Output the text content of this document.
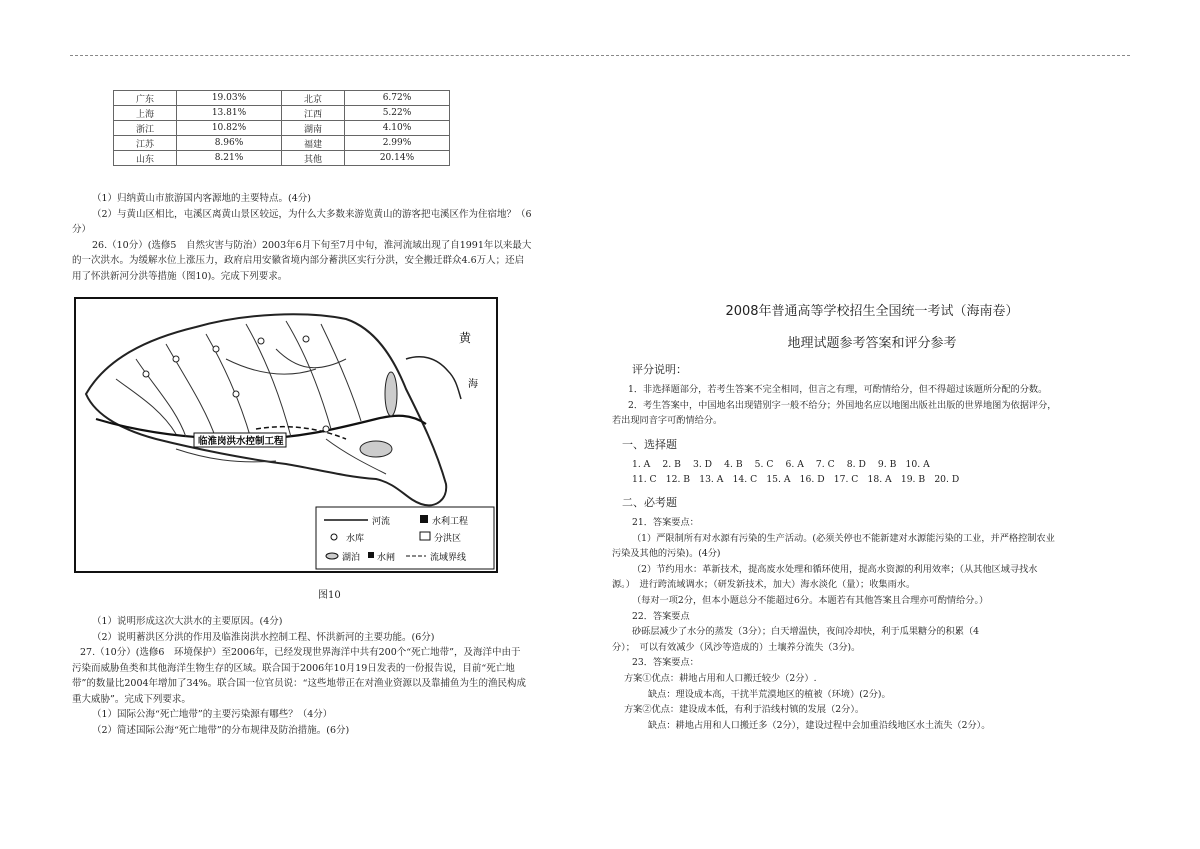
广东	19.03%	北京	6.72%
上海	13.81%	江西	5.22%
浙江	10.82%	湖南	4.10%
江苏	8.96%	福建	2.99%
山东	8.21%	其他	20.14%

（1）归纳黄山市旅游国内客源地的主要特点。(4分)

（2）与黄山区相比，屯溪区离黄山景区较远，为什么大多数来游览黄山的游客把屯溪区作为住宿地？（6

分）

26.（10分）(选修5　自然灾害与防治）2003年6月下旬至7月中旬，淮河流域出现了自1991年以来最大

的一次洪水。为缓解水位上涨压力，政府启用安徽省境内部分蓄洪区实行分洪，安全搬迁群众4.6万人；还启

用了怀洪新河分洪等措施（图10)。完成下列要求。

临淮岗洪水控制工程
黄
海
河流	水利工程
水库	分洪区
湖泊 水闸	流域界线
图10

（1）说明形成这次大洪水的主要原因。(4分)

（2）说明蓄洪区分洪的作用及临淮岗洪水控制工程、怀洪新河的主要功能。(6分)

27.（10分）(选修6　环境保护）至2006年，已经发现世界海洋中共有200个“死亡地带”，及海洋中由于

污染而威胁鱼类和其他海洋生物生存的区域。联合国于2006年10月19日发表的一份报告说，目前“死亡地

带”的数量比2004年增加了34%。联合国一位官员说：“这些地带正在对渔业资源以及靠捕鱼为生的渔民构成

重大威胁”。完成下列要求。

（1）国际公海“死亡地带”的主要污染源有哪些？（4分）

（2）简述国际公海“死亡地带”的分布规律及防治措施。(6分)

2008年普通高等学校招生全国统一考试（海南卷）

地理试题参考答案和评分参考

评分说明：

1．非选择题部分，若考生答案不完全相同，但言之有理，可酌情给分，但不得超过该题所分配的分数。

2．考生答案中，中国地名出现错别字一般不给分；外国地名应以地图出版社出版的世界地图为依据评分，

若出现同音字可酌情给分。

一、选择题

1. A　 2. B　 3. D　 4. B　 5. C　 6. A　 7. C　 8. D　 9. B　10. A

11. C　12. B　13. A　14. C　15. A　16. D　17. C　18. A　19. B　20. D

二、必考题

21．答案要点：

（1）严限制所有对水源有污染的生产活动。(必须关停也不能新建对水源能污染的工业，并严格控制农业

污染及其他的污染)。(4分)

（2）节约用水：革新技术，提高废水处理和循环使用，提高水资源的利用效率；（从其他区域寻找水

源。）　进行跨流域调水；（研发新技术，加大）海水淡化（量）；收集雨水。

（每对一项2分，但本小题总分不能超过6分。本题若有其他答案且合理亦可酌情给分。）

22．答案要点

砂砾层减少了水分的蒸发（3分）；白天增温快，夜间冷却快，利于瓜果糖分的积累（4

分）；　可以有效减少（风沙等造成的）土壤养分流失（3分)。

23．答案要点：

方案①优点：耕地占用和人口搬迁较少（2分）.

缺点：理设成本高，干扰半荒漠地区的植被（环境）(2分)。

方案②优点：建设成本低，有利于沿线村镇的发展（2分）。

缺点：耕地占用和人口搬迁多（2分），建设过程中会加重沿线地区水土流失（2分）。
